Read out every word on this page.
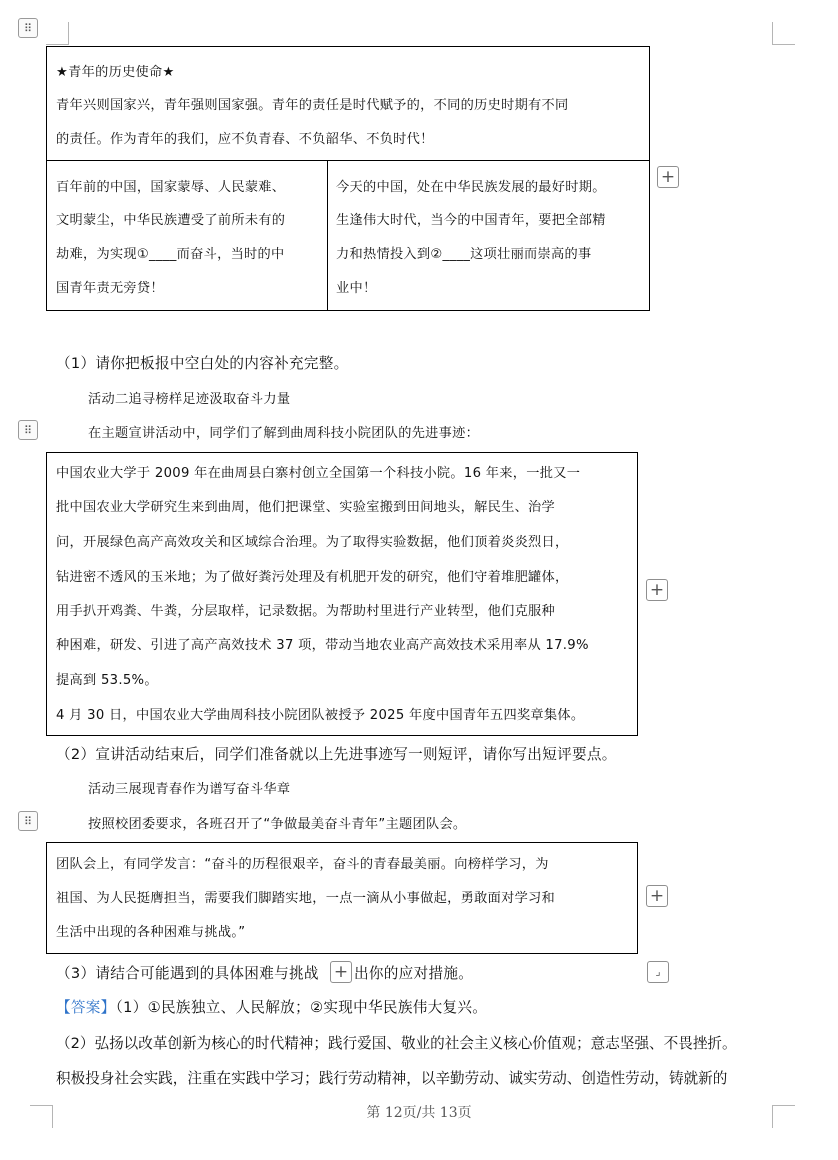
⠿
⠿
⠿
+
+
+
+	⌟
★青年的历史使命★
青年兴则国家兴，青年强则国家强。青年的责任是时代赋予的，不同的历史时期有不同
的责任。作为青年的我们，应不负青春、不负韶华、不负时代！
百年前的中国，国家蒙辱、人民蒙难、
文明蒙尘，中华民族遭受了前所未有的
劫难，为实现①____而奋斗，当时的中
国青年责无旁贷！
今天的中国，处在中华民族发展的最好时期。
生逢伟大时代，当今的中国青年，要把全部精
力和热情投入到②____这项壮丽而崇高的事
业中！
（1）请你把板报中空白处的内容补充完整。
活动二追寻榜样足迹汲取奋斗力量
在主题宣讲活动中，同学们了解到曲周科技小院团队的先进事迹：
中国农业大学于 2009 年在曲周县白寨村创立全国第一个科技小院。16 年来，一批又一
批中国农业大学研究生来到曲周，他们把课堂、实验室搬到田间地头，解民生、治学
问，开展绿色高产高效攻关和区域综合治理。为了取得实验数据，他们顶着炎炎烈日，
钻进密不透风的玉米地；为了做好粪污处理及有机肥开发的研究，他们守着堆肥罐体，
用手扒开鸡粪、牛粪，分层取样，记录数据。为帮助村里进行产业转型，他们克服种
种困难，研发、引进了高产高效技术 37 项，带动当地农业高产高效技术采用率从 17.9%
提高到 53.5%。
4 月 30 日，中国农业大学曲周科技小院团队被授予 2025 年度中国青年五四奖章集体。
（2）宣讲活动结束后，同学们准备就以上先进事迹写一则短评，请你写出短评要点。
活动三展现青春作为谱写奋斗华章
按照校团委要求，各班召开了“争做最美奋斗青年”主题团队会。
团队会上，有同学发言：“奋斗的历程很艰辛，奋斗的青春最美丽。向榜样学习，为
祖国、为人民挺膺担当，需要我们脚踏实地，一点一滴从小事做起，勇敢面对学习和
生活中出现的各种困难与挑战。”
（3）请结合可能遇到的具体困难与挑战 出你的应对措施。
【答案】（1）①民族独立、人民解放；②实现中华民族伟大复兴。
（2）弘扬以改革创新为核心的时代精神；践行爱国、敬业的社会主义核心价值观；意志坚强、不畏挫折。
积极投身社会实践，注重在实践中学习；践行劳动精神，以辛勤劳动、诚实劳动、创造性劳动，铸就新的
第 12页/共 13页
